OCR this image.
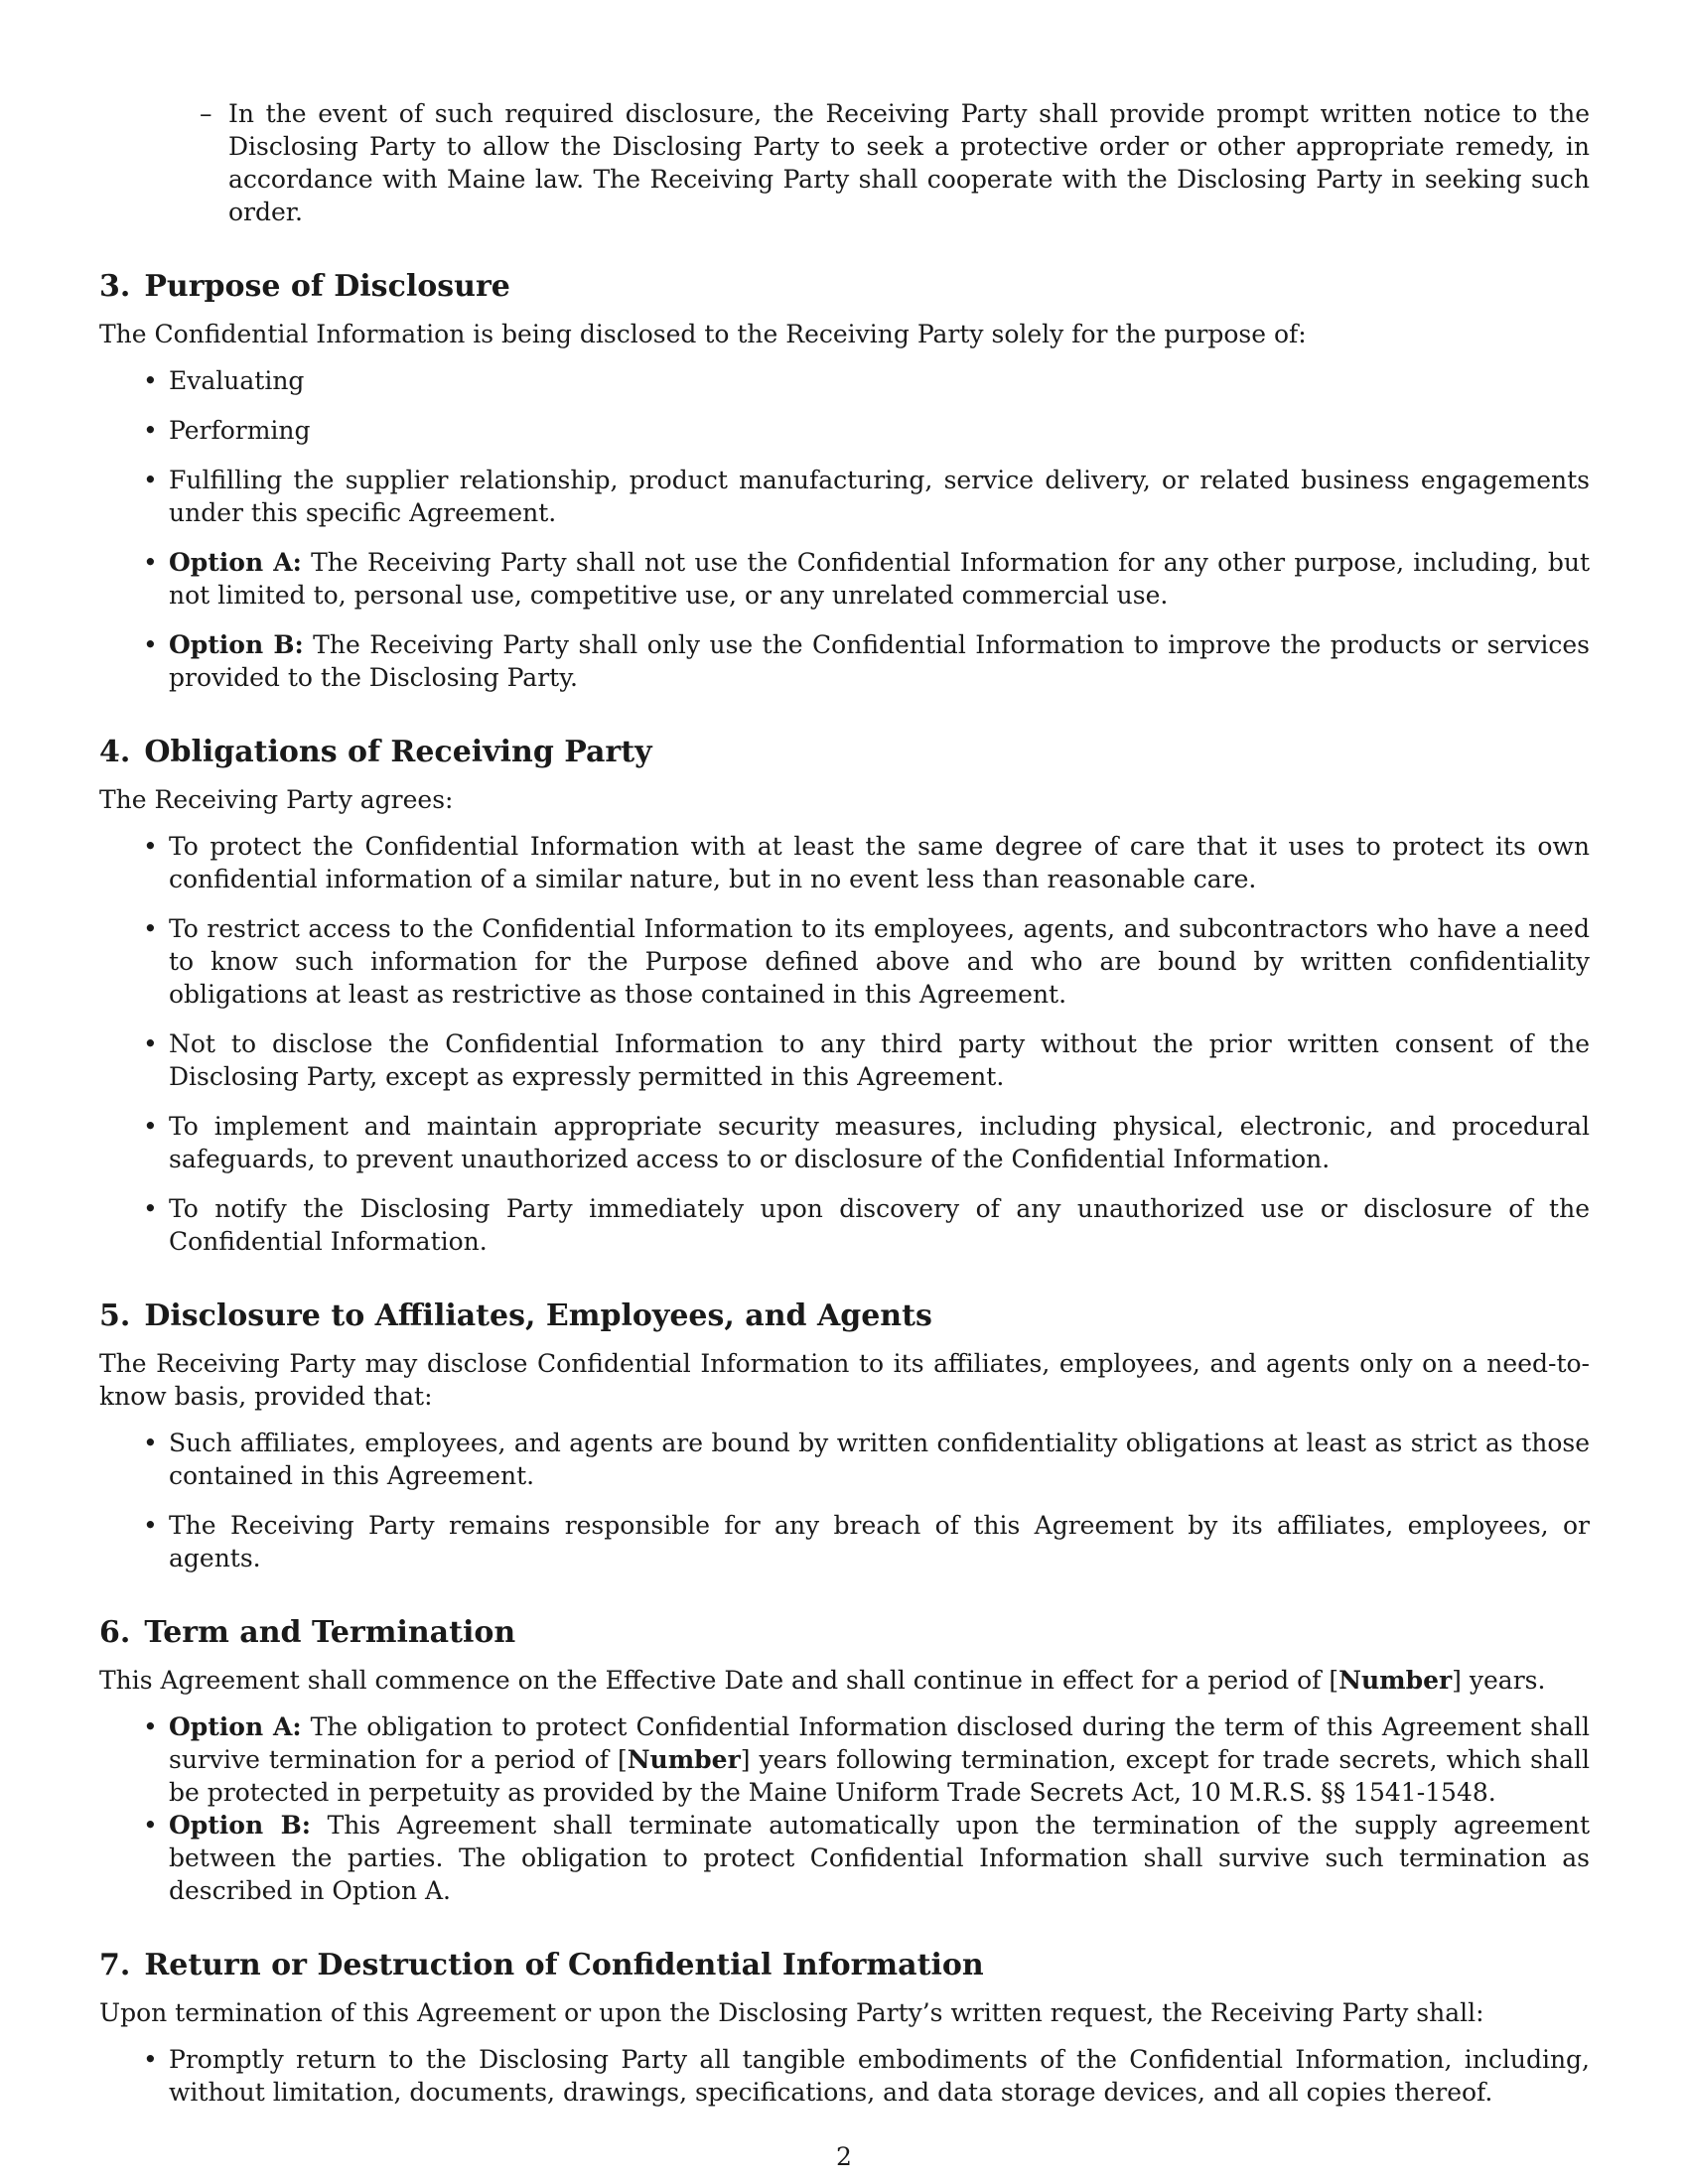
– In the event of such required disclosure, the Receiving Party shall provide prompt written notice to the Disclosing Party to allow the Disclosing Party to seek a protective order or other appropriate remedy, in accordance with Maine law. The Receiving Party shall cooperate with the Disclosing Party in seeking such order.
3. Purpose of Disclosure

The Confidential Information is being disclosed to the Receiving Party solely for the purpose of:

• Evaluating
• Performing
• Fulfilling the supplier relationship, product manufacturing, service delivery, or related business engagements under this specific Agreement.
• Option A: The Receiving Party shall not use the Confidential Information for any other purpose, including, but not limited to, personal use, competitive use, or any unrelated commercial use.
• Option B: The Receiving Party shall only use the Confidential Information to improve the products or services provided to the Disclosing Party.
4. Obligations of Receiving Party

The Receiving Party agrees:

• To protect the Confidential Information with at least the same degree of care that it uses to protect its own confidential information of a similar nature, but in no event less than reasonable care.
• To restrict access to the Confidential Information to its employees, agents, and subcontractors who have a need to know such information for the Purpose defined above and who are bound by written confidentiality obligations at least as restrictive as those contained in this Agreement.
• Not to disclose the Confidential Information to any third party without the prior written consent of the Disclosing Party, except as expressly permitted in this Agreement.
• To implement and maintain appropriate security measures, including physical, electronic, and procedural safeguards, to prevent unauthorized access to or disclosure of the Confidential Information.
• To notify the Disclosing Party immediately upon discovery of any unauthorized use or disclosure of the Confidential Information.
5. Disclosure to Affiliates, Employees, and Agents

The Receiving Party may disclose Confidential Information to its affiliates, employees, and agents only on a need-to-know basis, provided that:

• Such affiliates, employees, and agents are bound by written confidentiality obligations at least as strict as those contained in this Agreement.
• The Receiving Party remains responsible for any breach of this Agreement by its affiliates, employees, or agents.
6. Term and Termination

This Agreement shall commence on the Effective Date and shall continue in effect for a period of [Number] years.

• Option A: The obligation to protect Confidential Information disclosed during the term of this Agreement shall survive termination for a period of [Number] years following termination, except for trade secrets, which shall be protected in perpetuity as provided by the Maine Uniform Trade Secrets Act, 10 M.R.S. §§ 1541-1548.
• Option B: This Agreement shall terminate automatically upon the termination of the supply agreement between the parties. The obligation to protect Confidential Information shall survive such termination as described in Option A.
7. Return or Destruction of Confidential Information

Upon termination of this Agreement or upon the Disclosing Party’s written request, the Receiving Party shall:

• Promptly return to the Disclosing Party all tangible embodiments of the Confidential Information, including, without limitation, documents, drawings, specifications, and data storage devices, and all copies thereof.
2
